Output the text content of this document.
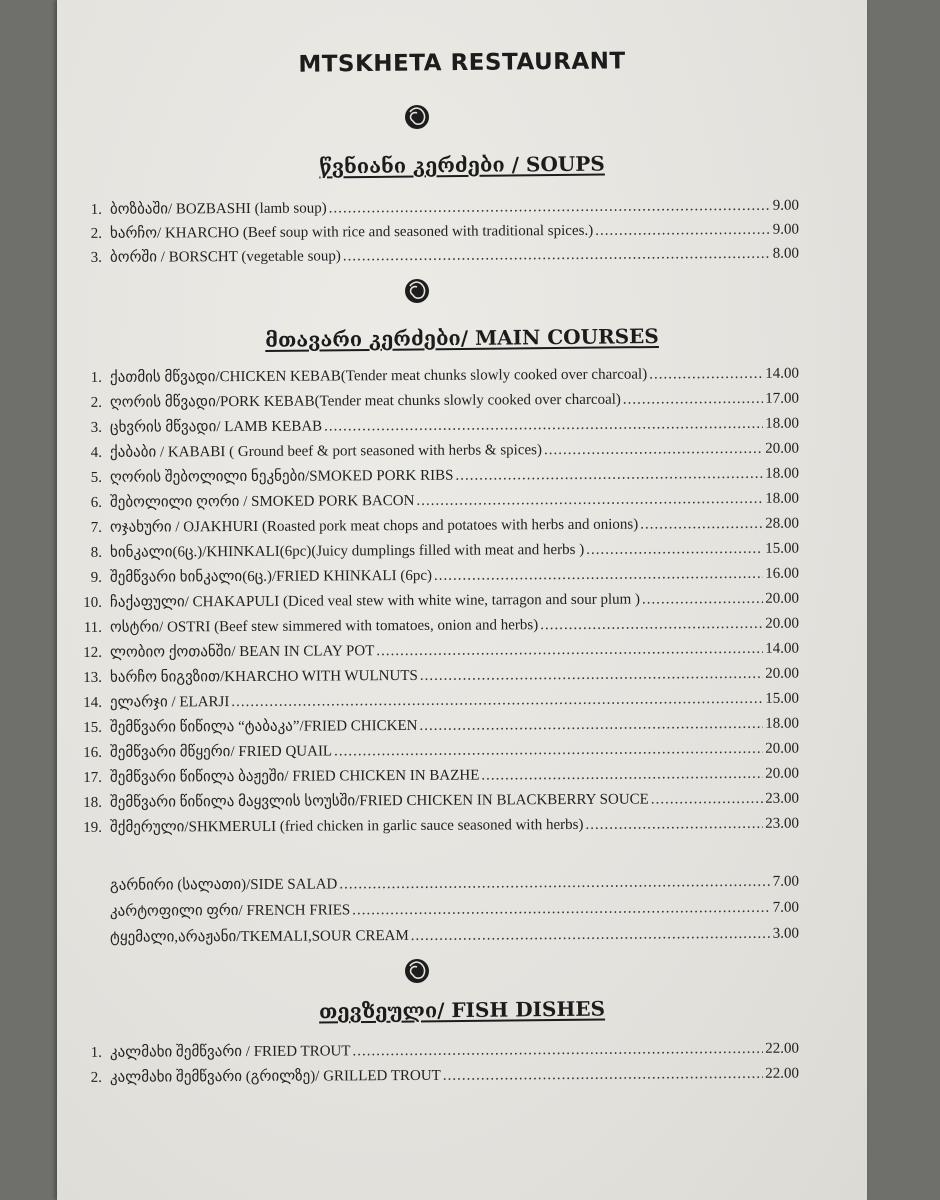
MTSKHETA RESTAURANT
წვნიანი კერძები / SOUPS
1. ბოზბაში/ BOZBASHI (lamb soup) .....	9.00
2. ხარჩო/ KHARCHO (Beef soup with rice and seasoned with traditional spices.) .....	9.00
3. ბორში / BORSCHT (vegetable soup) .....	8.00
მთავარი კერძები/ MAIN COURSES
1. ქათმის მწვადი/CHICKEN KEBAB(Tender meat chunks slowly cooked over charcoal) .....	14.00
2. ღორის მწვადი/PORK KEBAB(Tender meat chunks slowly cooked over charcoal) .....	17.00
3. ცხვრის მწვადი/ LAMB KEBAB .....	18.00
4. ქაბაბი / KABABI ( Ground beef & port seasoned with herbs & spices) .....	20.00
5. ღორის შებოლილი ნეკნები/SMOKED PORK RIBS .....	18.00
6. შებოლილი ღორი / SMOKED PORK BACON .....	18.00
7. ოჯახური / OJAKHURI (Roasted pork meat chops and potatoes with herbs and onions) .....	28.00
8. ხინკალი(6ც.)/KHINKALI(6pc)(Juicy dumplings filled with meat and herbs ) .....	15.00
9. შემწვარი ხინკალი(6ც.)/FRIED KHINKALI (6pc) .....	16.00
10. ჩაქაფული/ CHAKAPULI (Diced veal stew with white wine, tarragon and sour plum ) .....	20.00
11. ოსტრი/ OSTRI (Beef stew simmered with tomatoes, onion and herbs) .....	20.00
12. ლობიო ქოთანში/ BEAN IN CLAY POT .....	14.00
13. ხარჩო ნიგვზით/KHARCHO WITH WULNUTS .....	20.00
14. ელარჯი / ELARJI .....	15.00
15. შემწვარი წიწილა “ტაბაკა”/FRIED CHICKEN .....	18.00
16. შემწვარი მწყერი/ FRIED QUAIL .....	20.00
17. შემწვარი წიწილა ბაჟეში/ FRIED CHICKEN IN BAZHE .....	20.00
18. შემწვარი წიწილა მაყვლის სოუსში/FRIED CHICKEN IN BLACKBERRY SOUCE .....	23.00
19. შქმერული/SHKMERULI (fried chicken in garlic sauce seasoned with herbs) .....	23.00
გარნირი (სალათი)/SIDE SALAD .....	7.00
კარტოფილი ფრი/ FRENCH FRIES .....	7.00
ტყემალი,არაჟანი/TKEMALI,SOUR CREAM .....	3.00
თევზეული/ FISH DISHES
1. კალმახი შემწვარი / FRIED TROUT .....	22.00
2. კალმახი შემწვარი (გრილზე)/ GRILLED TROUT .....	22.00
